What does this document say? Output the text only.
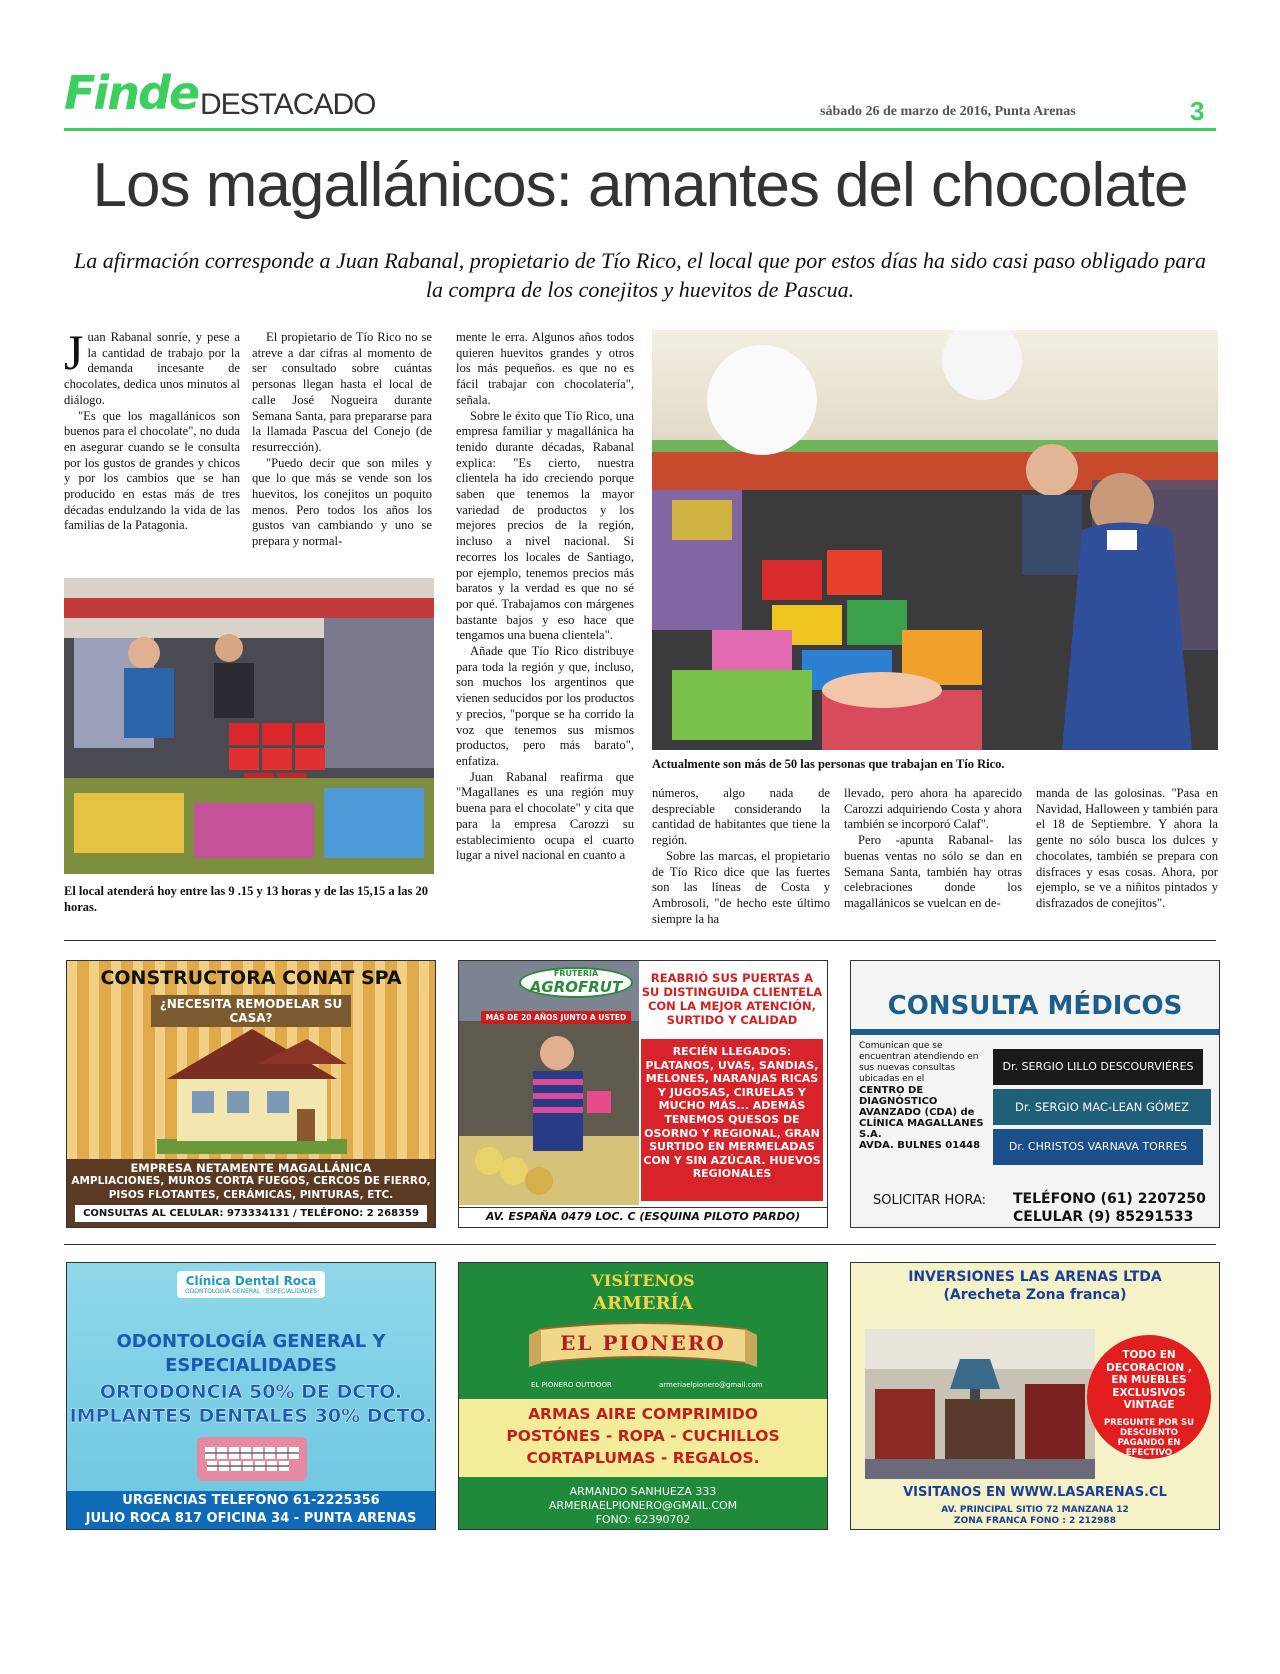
Finde DESTACADO	sábado 26 de marzo de 2016, Punta Arenas	3
Los magallánicos: amantes del chocolate
La afirmación corresponde a Juan Rabanal, propietario de Tío Rico, el local que por estos días ha sido casi paso obligado para la compra de los conejitos y huevitos de Pascua.

Juan Rabanal sonríe, y pese a la cantidad de trabajo por la demanda incesante de chocolates, dedica unos minutos al diálogo.

"Es que los magallánicos son buenos para el chocolate", no duda en asegurar cuando se le consulta por los gustos de grandes y chicos y por los cambios que se han producido en estas más de tres décadas endulzando la vida de las familias de la Patagonia.

El propietario de Tío Rico no se atreve a dar cifras al momento de ser consultado sobre cuántas personas llegan hasta el local de calle José Nogueira durante Semana Santa, para prepararse para la llamada Pascua del Conejo (de resurrección).

"Puedo decir que son miles y que lo que más se vende son los huevitos, los conejitos un poquito menos. Pero todos los años los gustos van cambiando y uno se prepara y normal-

mente le erra. Algunos años todos quieren huevitos grandes y otros los más pequeños. es que no es fácil trabajar con chocolatería", señala.

Sobre le éxito que Tío Rico, una empresa familiar y magallánica ha tenido durante décadas, Rabanal explica: "Es cierto, nuestra clientela ha ido creciendo porque saben que tenemos la mayor variedad de productos y los mejores precios de la región, incluso a nivel nacional. Si recorres los locales de Santiago, por ejemplo, tenemos precios más baratos y la verdad es que no sé por qué. Trabajamos con márgenes bastante bajos y eso hace que tengamos una buena clientela".

Añade que Tío Rico distribuye para toda la región y que, incluso, son muchos los argentinos que vienen seducidos por los productos y precios, "porque se ha corrido la voz que tenemos sus mismos productos, pero más barato", enfatiza.

Juan Rabanal reafirma que "Magallanes es una región muy buena para el chocolate" y cita que para la empresa Carozzi su establecimiento ocupa el cuarto lugar a nivel nacional en cuanto a

Actualmente son más de 50 las personas que trabajan en Tío Rico.
El local atenderá hoy entre las 9 .15 y 13 horas y de las 15,15 a las 20 horas.

números, algo nada de despreciable considerando la cantidad de habitantes que tiene la región.

Sobre las marcas, el propietario de Tío Rico dice que las fuertes son las líneas de Costa y Ambrosoli, "de hecho este último siempre la ha

llevado, pero ahora ha aparecido Carozzi adquiriendo Costa y ahora también se incorporó Calaf".

Pero -apunta Rabanal- las buenas ventas no sólo se dan en Semana Santa, también hay otras celebraciones donde los magallánicos se vuelcan en de-

manda de las golosinas. "Pasa en Navidad, Halloween y también para el 18 de Septiembre. Y ahora la gente no sólo busca los dulces y chocolates, también se prepara con disfraces y esas cosas. Ahora, por ejemplo, se ve a niñitos pintados y disfrazados de conejitos".

CONSTRUCTORA CONAT SPA
¿NECESITA REMODELAR SU CASA?
EMPRESA NETAMENTE MAGALLÁNICA
AMPLIACIONES, MUROS CORTA FUEGOS, CERCOS DE FIERRO,
PISOS FLOTANTES, CERÁMICAS, PINTURAS, ETC.
CONSULTAS AL CELULAR: 973334131 / TELÉFONO: 2 268359
FRUTERIA
AGROFRUT
MÁS DE 20 AÑOS JUNTO A USTED
REABRIÓ SUS PUERTAS A SU DISTINGUIDA CLIENTELA CON LA MEJOR ATENCIÓN, SURTIDO Y CALIDAD
RECIÉN LLEGADOS: PLATANOS, UVAS, SANDIAS, MELONES, NARANJAS RICAS Y JUGOSAS, CIRUELAS Y MUCHO MÁS... ADEMÁS TENEMOS QUESOS DE OSORNO Y REGIONAL, GRAN SURTIDO EN MERMELADAS CON Y SIN AZÚCAR. HUEVOS REGIONALES
AV. ESPAÑA 0479 LOC. C (ESQUINA PILOTO PARDO)
CONSULTA MÉDICOS
Comunican que se encuentran atendiendo en sus nuevas consultas ubicadas en el
CENTRO DE DIAGNÓSTICO AVANZADO (CDA) de CLÍNICA MAGALLANES S.A.
AVDA. BULNES 01448
Dr. SERGIO LILLO DESCOURVIÉRES
Dr. SERGIO MAC-LEAN GÓMEZ
Dr. CHRISTOS VARNAVA TORRES
SOLICITAR HORA: TELÉFONO (61) 2207250
CELULAR (9) 85291533
Clínica Dental Roca
ODONTOLOGÍA GENERAL · ESPECIALIDADES
ODONTOLOGÍA GENERAL Y
ESPECIALIDADES
ORTODONCIA 50% DE DCTO.
IMPLANTES DENTALES 30% DCTO.
URGENCIAS TELEFONO 61-2225356
JULIO ROCA 817 OFICINA 34 - PUNTA ARENAS
VISÍTENOS
ARMERÍA
EL PIONERO
EL PIONERO OUTDOOR	armeriaelpionero@gmail.com
ARMAS AIRE COMPRIMIDO
POSTÓNES - ROPA - CUCHILLOS
CORTAPLUMAS - REGALOS.
ARMANDO SANHUEZA 333
ARMERIAELPIONERO@GMAIL.COM
FONO: 62390702
INVERSIONES LAS ARENAS LTDA
(Arecheta Zona franca)
TODO EN DECORACION , EN MUEBLES EXCLUSIVOS VINTAGE
PREGUNTE POR SU DESCUENTO PAGANDO EN EFECTIVO
VISITANOS EN WWW.LASARENAS.CL
AV. PRINCIPAL SITIO 72 MANZANA 12
ZONA FRANCA FONO : 2 212988
